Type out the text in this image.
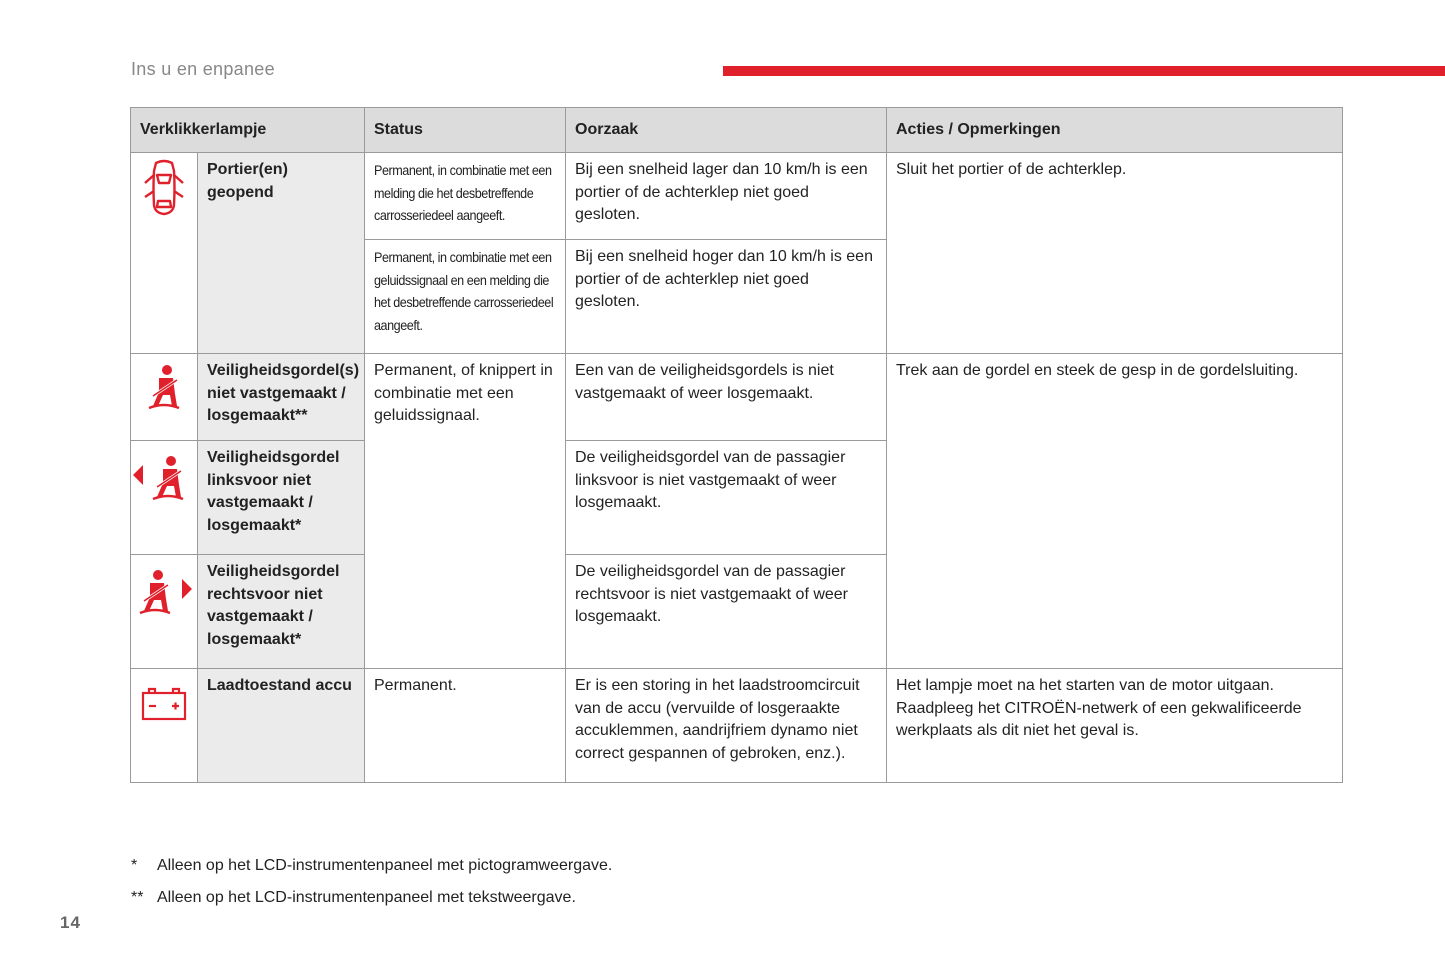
Ins u en enpanee
Verklikkerlampje		Status	Oorzaak	Acties / Opmerkingen

	Portier(en) geopend	Permanent, in combinatie met een melding die het desbetreffende carrosseriedeel aangeeft.	Bij een snelheid lager dan 10 km/h is een portier of de achterklep niet goed gesloten.	Sluit het portier of de achterklep.
		Permanent, in combinatie met een geluidssignaal en een melding die het desbetreffende carrosseriedeel aangeeft.	Bij een snelheid hoger dan 10 km/h is een portier of de achterklep niet goed gesloten.	

	Veiligheidsgordel(s) niet vastgemaakt / losgemaakt**	Permanent, of knippert in combinatie met een geluidssignaal.	Een van de veiligheidsgordels is niet vastgemaakt of weer losgemaakt.	Trek aan de gordel en steek de gesp in de gordelsluiting.

	Veiligheidsgordel linksvoor niet vastgemaakt / losgemaakt*		De veiligheidsgordel van de passagier linksvoor is niet vastgemaakt of weer losgemaakt.	

	Veiligheidsgordel rechtsvoor niet vastgemaakt / losgemaakt*		De veiligheidsgordel van de passagier rechtsvoor is niet vastgemaakt of weer losgemaakt.	

	Laadtoestand accu	Permanent.	Er is een storing in het laadstroomcircuit van de accu (vervuilde of losgeraakte accuklemmen, aandrijfriem dynamo niet correct gespannen of gebroken, enz.).	Het lampje moet na het starten van de motor uitgaan. Raadpleeg het CITROËN-netwerk of een gekwalificeerde werkplaats als dit niet het geval is.
* Alleen op het LCD-instrumentenpaneel met pictogramweergave.
** Alleen op het LCD-instrumentenpaneel met tekstweergave.
14
